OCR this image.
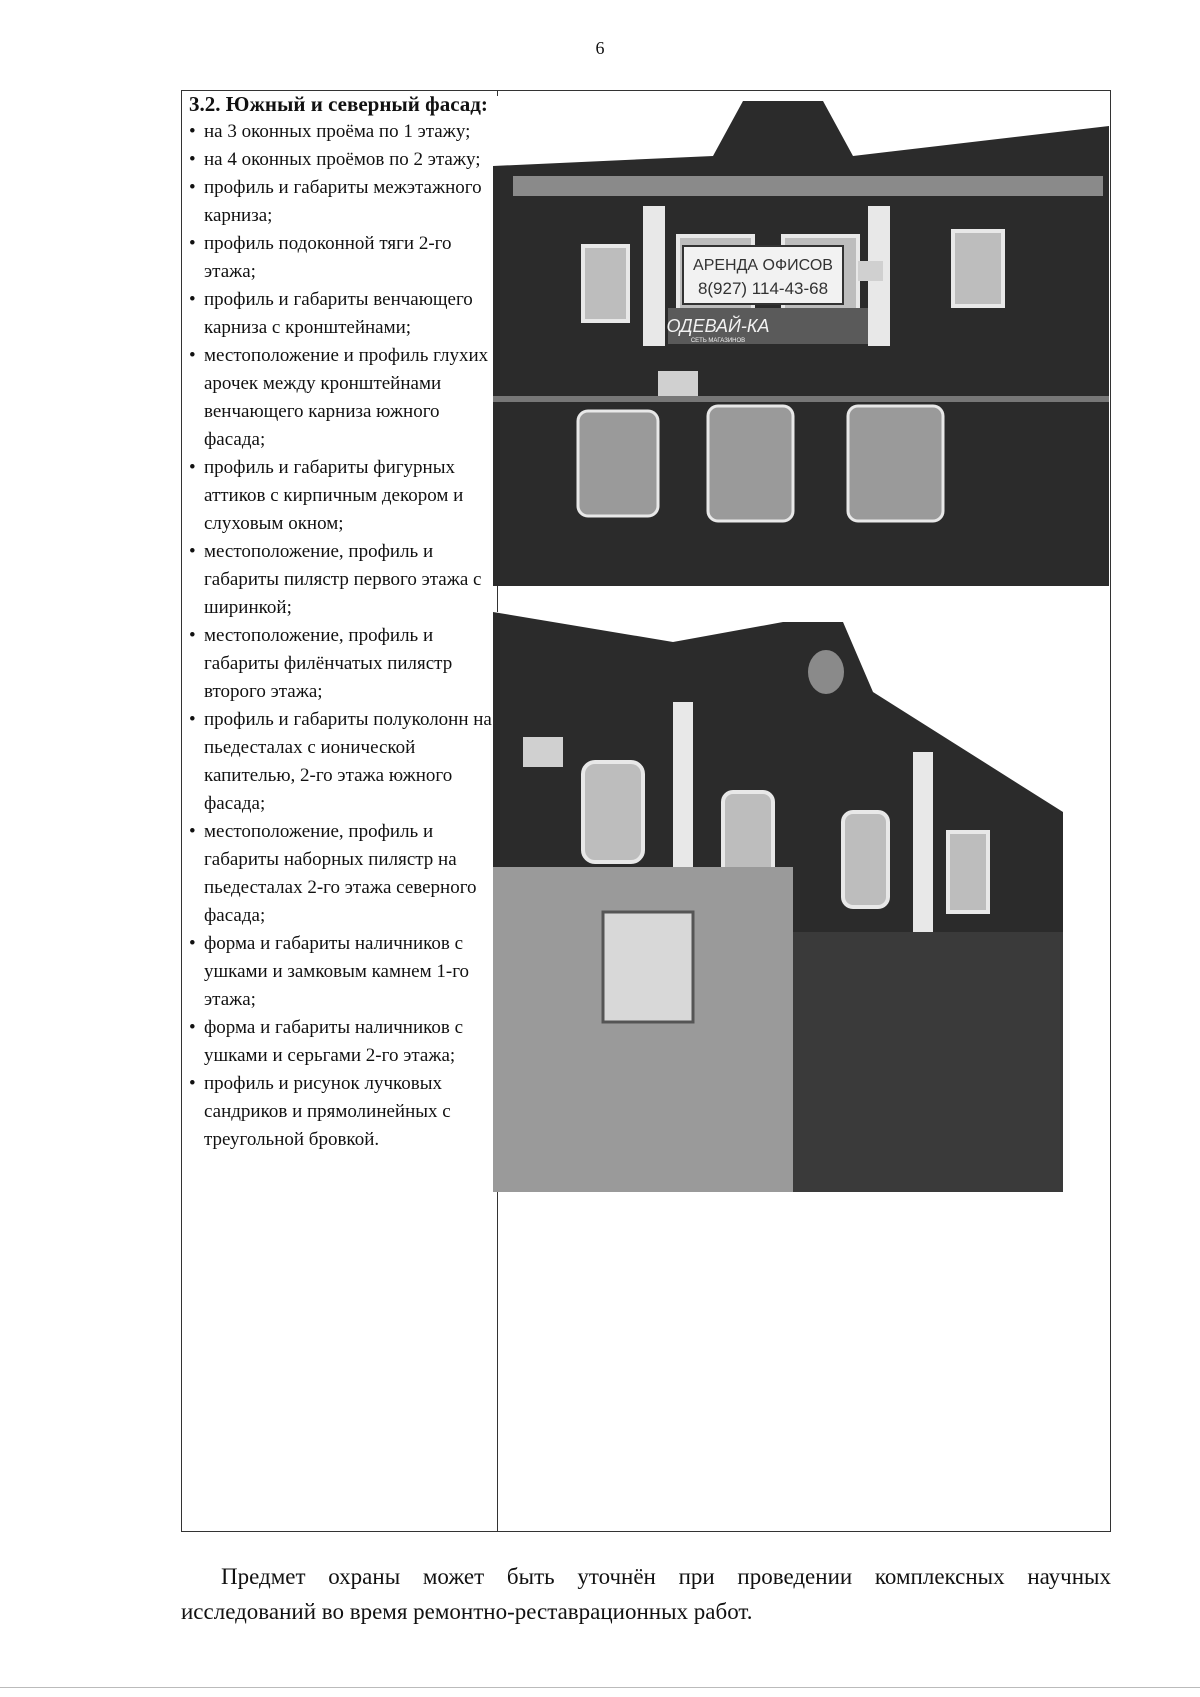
6

3.2. Южный и северный фасад:

• на 3 оконных проёма по 1 этажу;
• на 4 оконных проёмов по 2 этажу;
• профиль и габариты межэтажного карниза;
• профиль подоконной тяги 2-го этажа;
• профиль и габариты венчающего карниза с кронштейнами;
• местоположение и профиль глухих арочек между кронштейнами венчающего карниза южного фасада;
• профиль и габариты фигурных аттиков с кирпичным декором и слуховым окном;
• местоположение, профиль и габариты пилястр первого этажа с ширинкой;
• местоположение, профиль и габариты филёнчатых пилястр второго этажа;
• профиль и габариты полуколонн на пьедесталах с ионической капителью, 2-го этажа южного фасада;
• местоположение, профиль и габариты наборных пилястр на пьедесталах 2-го этажа северного фасада;
• форма и габариты наличников с ушками и замковым камнем 1-го этажа;
• форма и габариты наличников с ушками и серьгами 2-го этажа;
• профиль и рисунок лучковых сандриков и прямолинейных с треугольной бровкой.
АРЕНДА ОФИСОВ
8(927) 114-43-68
ОДЕВАЙ-КА
СЕТЬ МАГАЗИНОВ

Предмет охраны может быть уточнён при проведении комплексных научных исследований во время ремонтно-реставрационных работ.
